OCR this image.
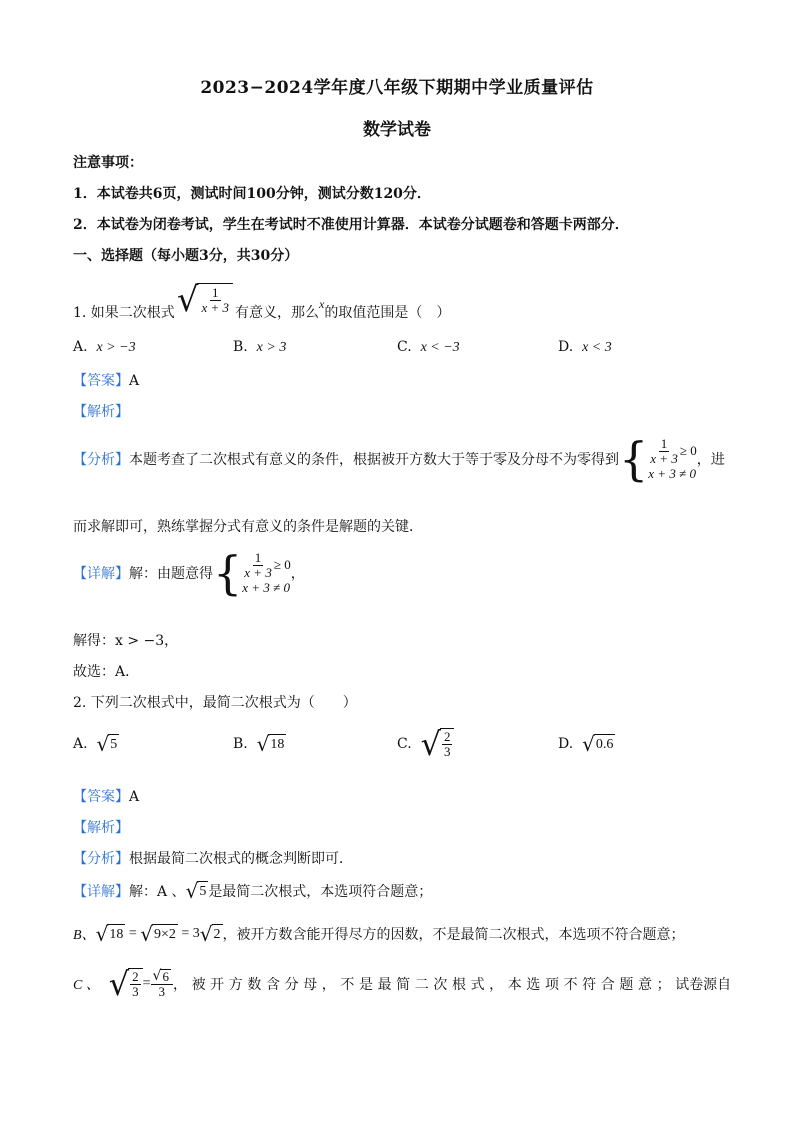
2023−2024学年度八年级下期期中学业质量评估
数学试卷
注意事项：
1．本试卷共6页，测试时间100分钟，测试分数120分．
2．本试卷为闭卷考试，学生在考试时不准使用计算器．本试卷分试题卷和答题卡两部分．
一、选择题（每小题3分，共30分）
1. 如果二次根式 √ $\frac{1}{x + 3}$ 有意义，那么
x
的取值范围是（　）
A. x > −3	B. x > 3	C. x < −3	D. x < 3
【答案】A
【解析】
【分析】 本题考查了二次根式有意义的条件，根据被开方数大于等于零及分母不为零得到 { $\frac{1}{x + 3} \ge 0$
x + 3 ≠ 0
，进
而求解即可，熟练掌握分式有意义的条件是解题的关键．
【详解】 解：由题意得 { $\frac{1}{x + 3} \ge 0$
x + 3 ≠ 0
，
解得：x > −3，
故选：A．
2. 下列二次根式中，最简二次根式为（　　）
A.
√ 5	B.
√ 18	C.
√ $\frac{2}{3}$	D.
√ 0.6
【答案】A
【解析】
【分析】根据最简二次根式的概念判断即可．
【详解】 解：A 、 √ 5 是最简二次根式，本选项符合题意；
B、 √ 18 = √ 9×2 = 3 √ 2 ，被开方数含能开得尽方的因数，不是最简二次根式，本选项不符合题意；
C 、
√ $\frac{2}{3} = \frac{√ 6}{3}$ ，被开方数含分母，不是最简二次根式，本选项不符合题意； 试卷源自
